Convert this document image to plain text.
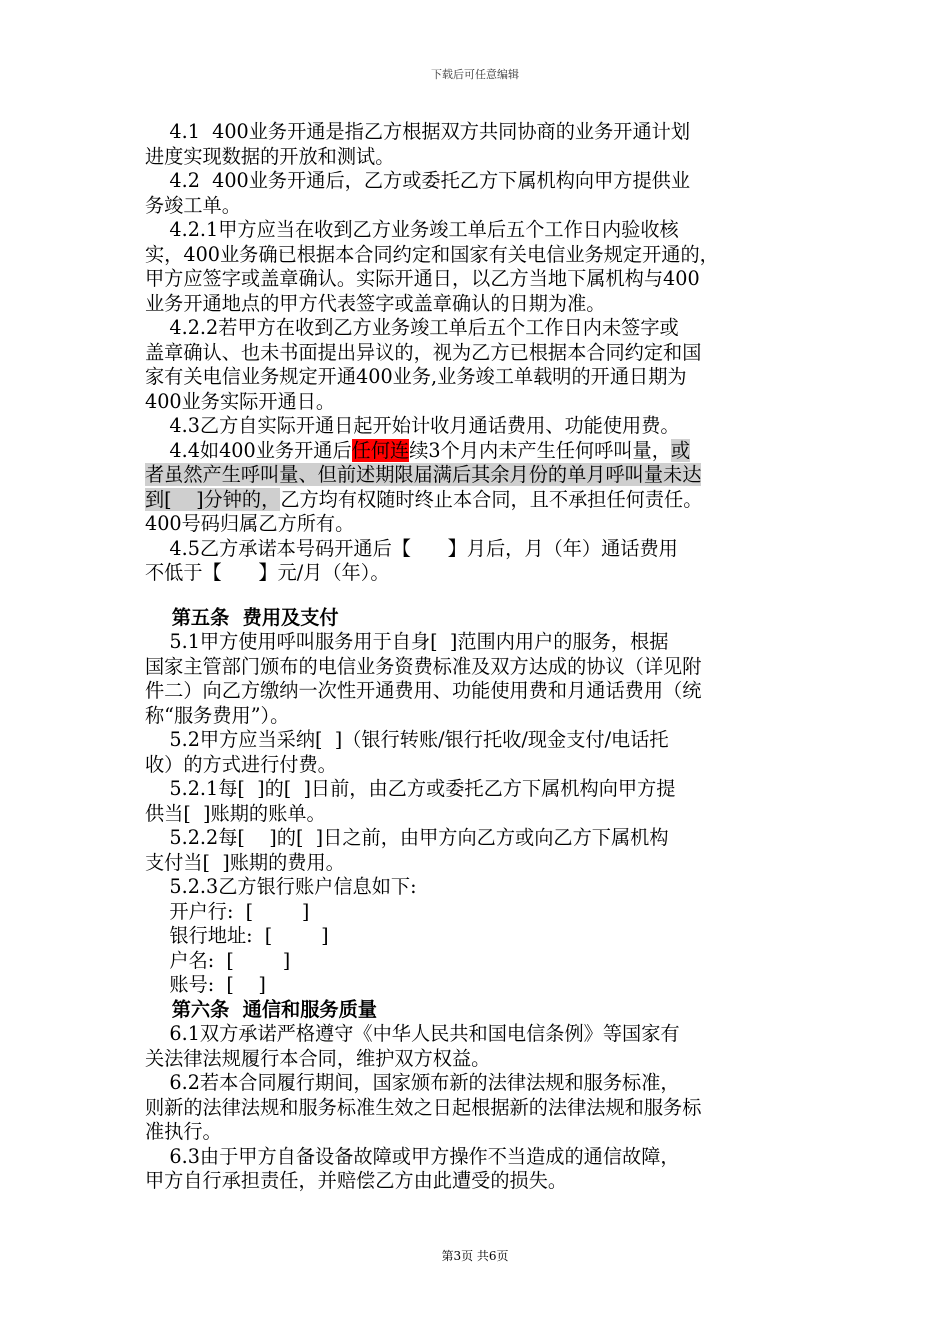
下载后可任意编辑
4.1  400业务开通是指乙方根据双方共同协商的业务开通计划
进度实现数据的开放和测试。
4.2  400业务开通后，乙方或委托乙方下属机构向甲方提供业
务竣工单。
4.2.1甲方应当在收到乙方业务竣工单后五个工作日内验收核
实，400业务确已根据本合同约定和国家有关电信业务规定开通的，
甲方应签字或盖章确认。实际开通日，以乙方当地下属机构与400
业务开通地点的甲方代表签字或盖章确认的日期为准。
4.2.2若甲方在收到乙方业务竣工单后五个工作日内未签字或
盖章确认、也未书面提出异议的，视为乙方已根据本合同约定和国
家有关电信业务规定开通400业务,业务竣工单载明的开通日期为
400业务实际开通日。
4.3乙方自实际开通日起开始计收月通话费用、功能使用费。
4.4如400业务开通后任何连续3个月内未产生任何呼叫量，或
者虽然产生呼叫量、但前述期限届满后其余月份的单月呼叫量未达
到[    ]分钟的，乙方均有权随时终止本合同，且不承担任何责任。
400号码归属乙方所有。
4.5乙方承诺本号码开通后【      】月后，月（年）通话费用
不低于【      】元/月（年）。
第五条  费用及支付
5.1甲方使用呼叫服务用于自身[  ]范围内用户的服务，根据
国家主管部门颁布的电信业务资费标准及双方达成的协议（详见附
件二）向乙方缴纳一次性开通费用、功能使用费和月通话费用（统
称“服务费用”）。
5.2甲方应当采纳[  ]（银行转账/银行托收/现金支付/电话托
收）的方式进行付费。
5.2.1每[  ]的[  ]日前，由乙方或委托乙方下属机构向甲方提
供当[  ]账期的账单。
5.2.2每[    ]的[  ]日之前，由甲方向乙方或向乙方下属机构
支付当[  ]账期的费用。
5.2.3乙方银行账户信息如下:
开户行:  [        ]
银行地址:  [        ]
户名:  [        ]
账号:  [    ]
第六条  通信和服务质量
6.1双方承诺严格遵守《中华人民共和国电信条例》等国家有
关法律法规履行本合同，维护双方权益。
6.2若本合同履行期间，国家颁布新的法律法规和服务标准，
则新的法律法规和服务标准生效之日起根据新的法律法规和服务标
准执行。
6.3由于甲方自备设备故障或甲方操作不当造成的通信故障，
甲方自行承担责任，并赔偿乙方由此遭受的损失。
第3页 共6页
